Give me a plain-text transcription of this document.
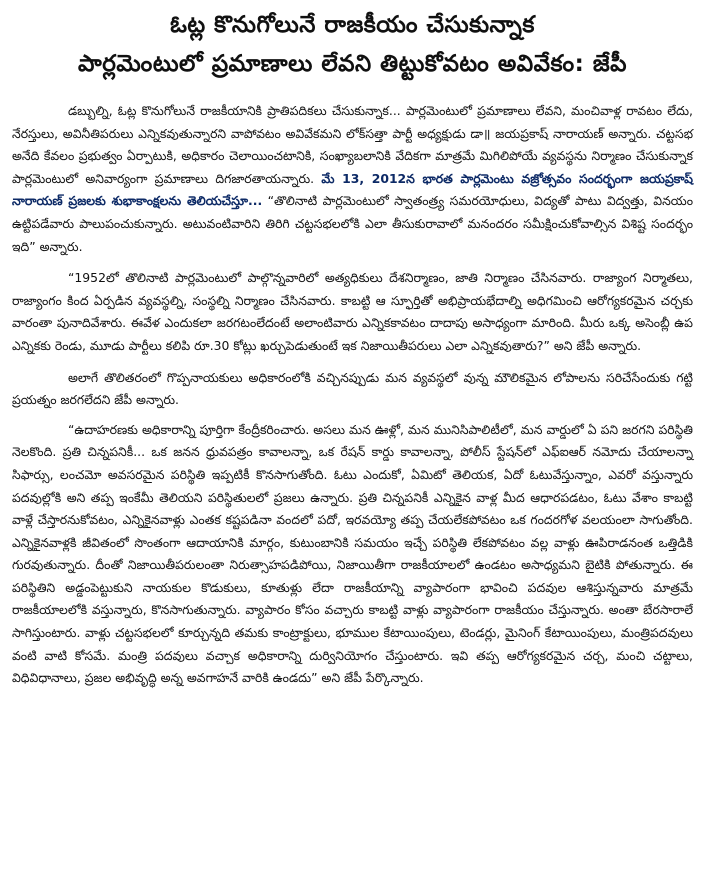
ఓట్ల కొనుగోలునే రాజకీయం చేసుకున్నాక
పార్లమెంటులో ప్రమాణాలు లేవని తిట్టుకోవటం అవివేకం: జేపీ

డబ్బుల్ని, ఓట్ల కొనుగోలునే రాజకీయానికి ప్రాతిపదికలు చేసుకున్నాక... పార్లమెంటులో ప్రమాణాలు లేవని, మంచివాళ్ల రావటం లేదు, నేరస్తులు, అవినీతిపరులు ఎన్నికవుతున్నారని వాపోవటం అవివేకమని లోక్‌సత్తా పార్టీ అధ్యక్షుడు డా॥ జయప్రకాష్ నారాయణ్ అన్నారు. చట్టసభ అనేది కేవలం ప్రభుత్వం ఏర్పాటుకి, అధికారం చెలాయించటానికి, సంఖ్యాబలానికి వేదికగా మాత్రమే మిగిలిపోయే వ్యవస్థను నిర్మాణం చేసుకున్నాక పార్లమెంటులో అనివార్యంగా ప్రమాణాలు దిగజారతాయన్నారు. మే 13, 2012న భారత పార్లమెంటు వజ్రోత్సవం సందర్భంగా జయప్రకాష్ నారాయణ్ ప్రజలకు శుభాకాంక్షలను తెలియచేస్తూ... “తొలినాటి పార్లమెంటులో స్వాతంత్ర్య సమరయోధులు, విద్యతో పాటు విద్వత్తు, వినయం ఉట్టిపడేవారు పాలుపంచుకున్నారు. అటువంటివారిని తిరిగి చట్టసభలలోకి ఎలా తీసుకురావాలో మనందరం సమీక్షించుకోవాల్సిన విశిష్ట సందర్భం ఇది” అన్నారు.

“1952లో తొలినాటి పార్లమెంటులో పాల్గొన్నవారిలో అత్యధికులు దేశనిర్మాణం, జాతి నిర్మాణం చేసినవారు. రాజ్యాంగ నిర్మాతలు, రాజ్యాంగం కింద ఏర్పడిన వ్యవస్థల్ని, సంస్థల్ని నిర్మాణం చేసినవారు. కాబట్టి ఆ స్ఫూర్తితో అభిప్రాయభేదాల్ని అధిగమించి ఆరోగ్యకరమైన చర్చకు వారంతా పునాదివేశారు. ఈవేళ ఎందుకలా జరగటంలేదంటే అలాంటివారు ఎన్నికకావటం దాదాపు అసాధ్యంగా మారింది. మీరు ఒక్క అసెంబ్లీ ఉప ఎన్నికకు రెండు, మూడు పార్టీలు కలిపి రూ.30 కోట్లు ఖర్చుపెడుతుంటే ఇక నిజాయితీపరులు ఎలా ఎన్నికవుతారు?” అని జేపీ అన్నారు.

అలాగే తొలితరంలో గొప్పనాయకులు అధికారంలోకి వచ్చినప్పుడు మన వ్యవస్థలో వున్న మౌలికమైన లోపాలను సరిచేసేందుకు గట్టి ప్రయత్నం జరగలేదని జేపీ అన్నారు.

“ఉదాహరణకు అధికారాన్ని పూర్తిగా కేంద్రీకరించారు. అసలు మన ఊళ్లో, మన మునిసిపాలిటీలో, మన వార్డులో ఏ పని జరగని పరిస్థితి నెలకొంది. ప్రతి చిన్నపనికీ... ఒక జనన ధ్రువపత్రం కావాలన్నా, ఒక రేషన్ కార్డు కావాలన్నా, పోలీస్ స్టేషన్‌లో ఎఫ్ఐఆర్ నమోదు చేయాలన్నా సిఫార్సు, లంచమో అవసరమైన పరిస్థితి ఇప్పటికీ కొనసాగుతోంది. ఓటు ఎందుకో, ఏమిటో తెలియక, ఏదో ఓటువేస్తున్నాం, ఎవరో వస్తున్నారు పదవుల్లోకి అని తప్ప ఇంకేమీ తెలియని పరిస్థితులలో ప్రజలు ఉన్నారు. ప్రతి చిన్నపనికీ ఎన్నికైన వాళ్ల మీద ఆధారపడటం, ఓటు వేశాం కాబట్టి వాళ్లే చేస్తారనుకోవటం, ఎన్నికైనవాళ్లు ఎంతక కష్టపడినా వందలో పదో, ఇరవయ్యో తప్ప చేయలేకపోవటం ఒక గందరగోళ వలయంలా సాగుతోంది. ఎన్నికైనవాళ్లకి జీవితంలో సొంతంగా ఆదాయానికి మార్గం, కుటుంబానికి సమయం ఇచ్చే పరిస్థితి లేకపోవటం వల్ల వాళ్లు ఊపిరాడనంత ఒత్తిడికి గురవుతున్నారు. దీంతో నిజాయితీపరులంతా నిరుత్సాహపడిపోయి, నిజాయితీగా రాజకీయాలలో ఉండటం అసాధ్యమని బైటికి పోతున్నారు. ఈ పరిస్థితిని అడ్డంపెట్టుకుని నాయకుల కొడుకులు, కూతుళ్లు లేదా రాజకీయాన్ని వ్యాపారంగా భావించి పదవుల ఆశిస్తున్నవారు మాత్రమే రాజకీయాలలోకి వస్తున్నారు, కొనసాగుతున్నారు. వ్యాపారం కోసం వచ్చారు కాబట్టి వాళ్లు వ్యాపారంగా రాజకీయం చేస్తున్నారు. అంతా బేరసారాలే సాగిస్తుంటారు. వాళ్లు చట్టసభలలో కూర్చున్నది తమకు కాంట్రాక్టులు, భూముల కేటాయింపులు, టెండర్లు, మైనింగ్ కేటాయింపులు, మంత్రిపదవులు వంటి వాటి కోసమే. మంత్రి పదవులు వచ్చాక అధికారాన్ని దుర్వినియోగం చేస్తుంటారు. ఇవి తప్ప ఆరోగ్యకరమైన చర్చ, మంచి చట్టాలు, విధివిధానాలు, ప్రజల అభివృద్ధి అన్న అవగాహనే వారికి ఉండదు” అని జేపీ పేర్కొన్నారు.
